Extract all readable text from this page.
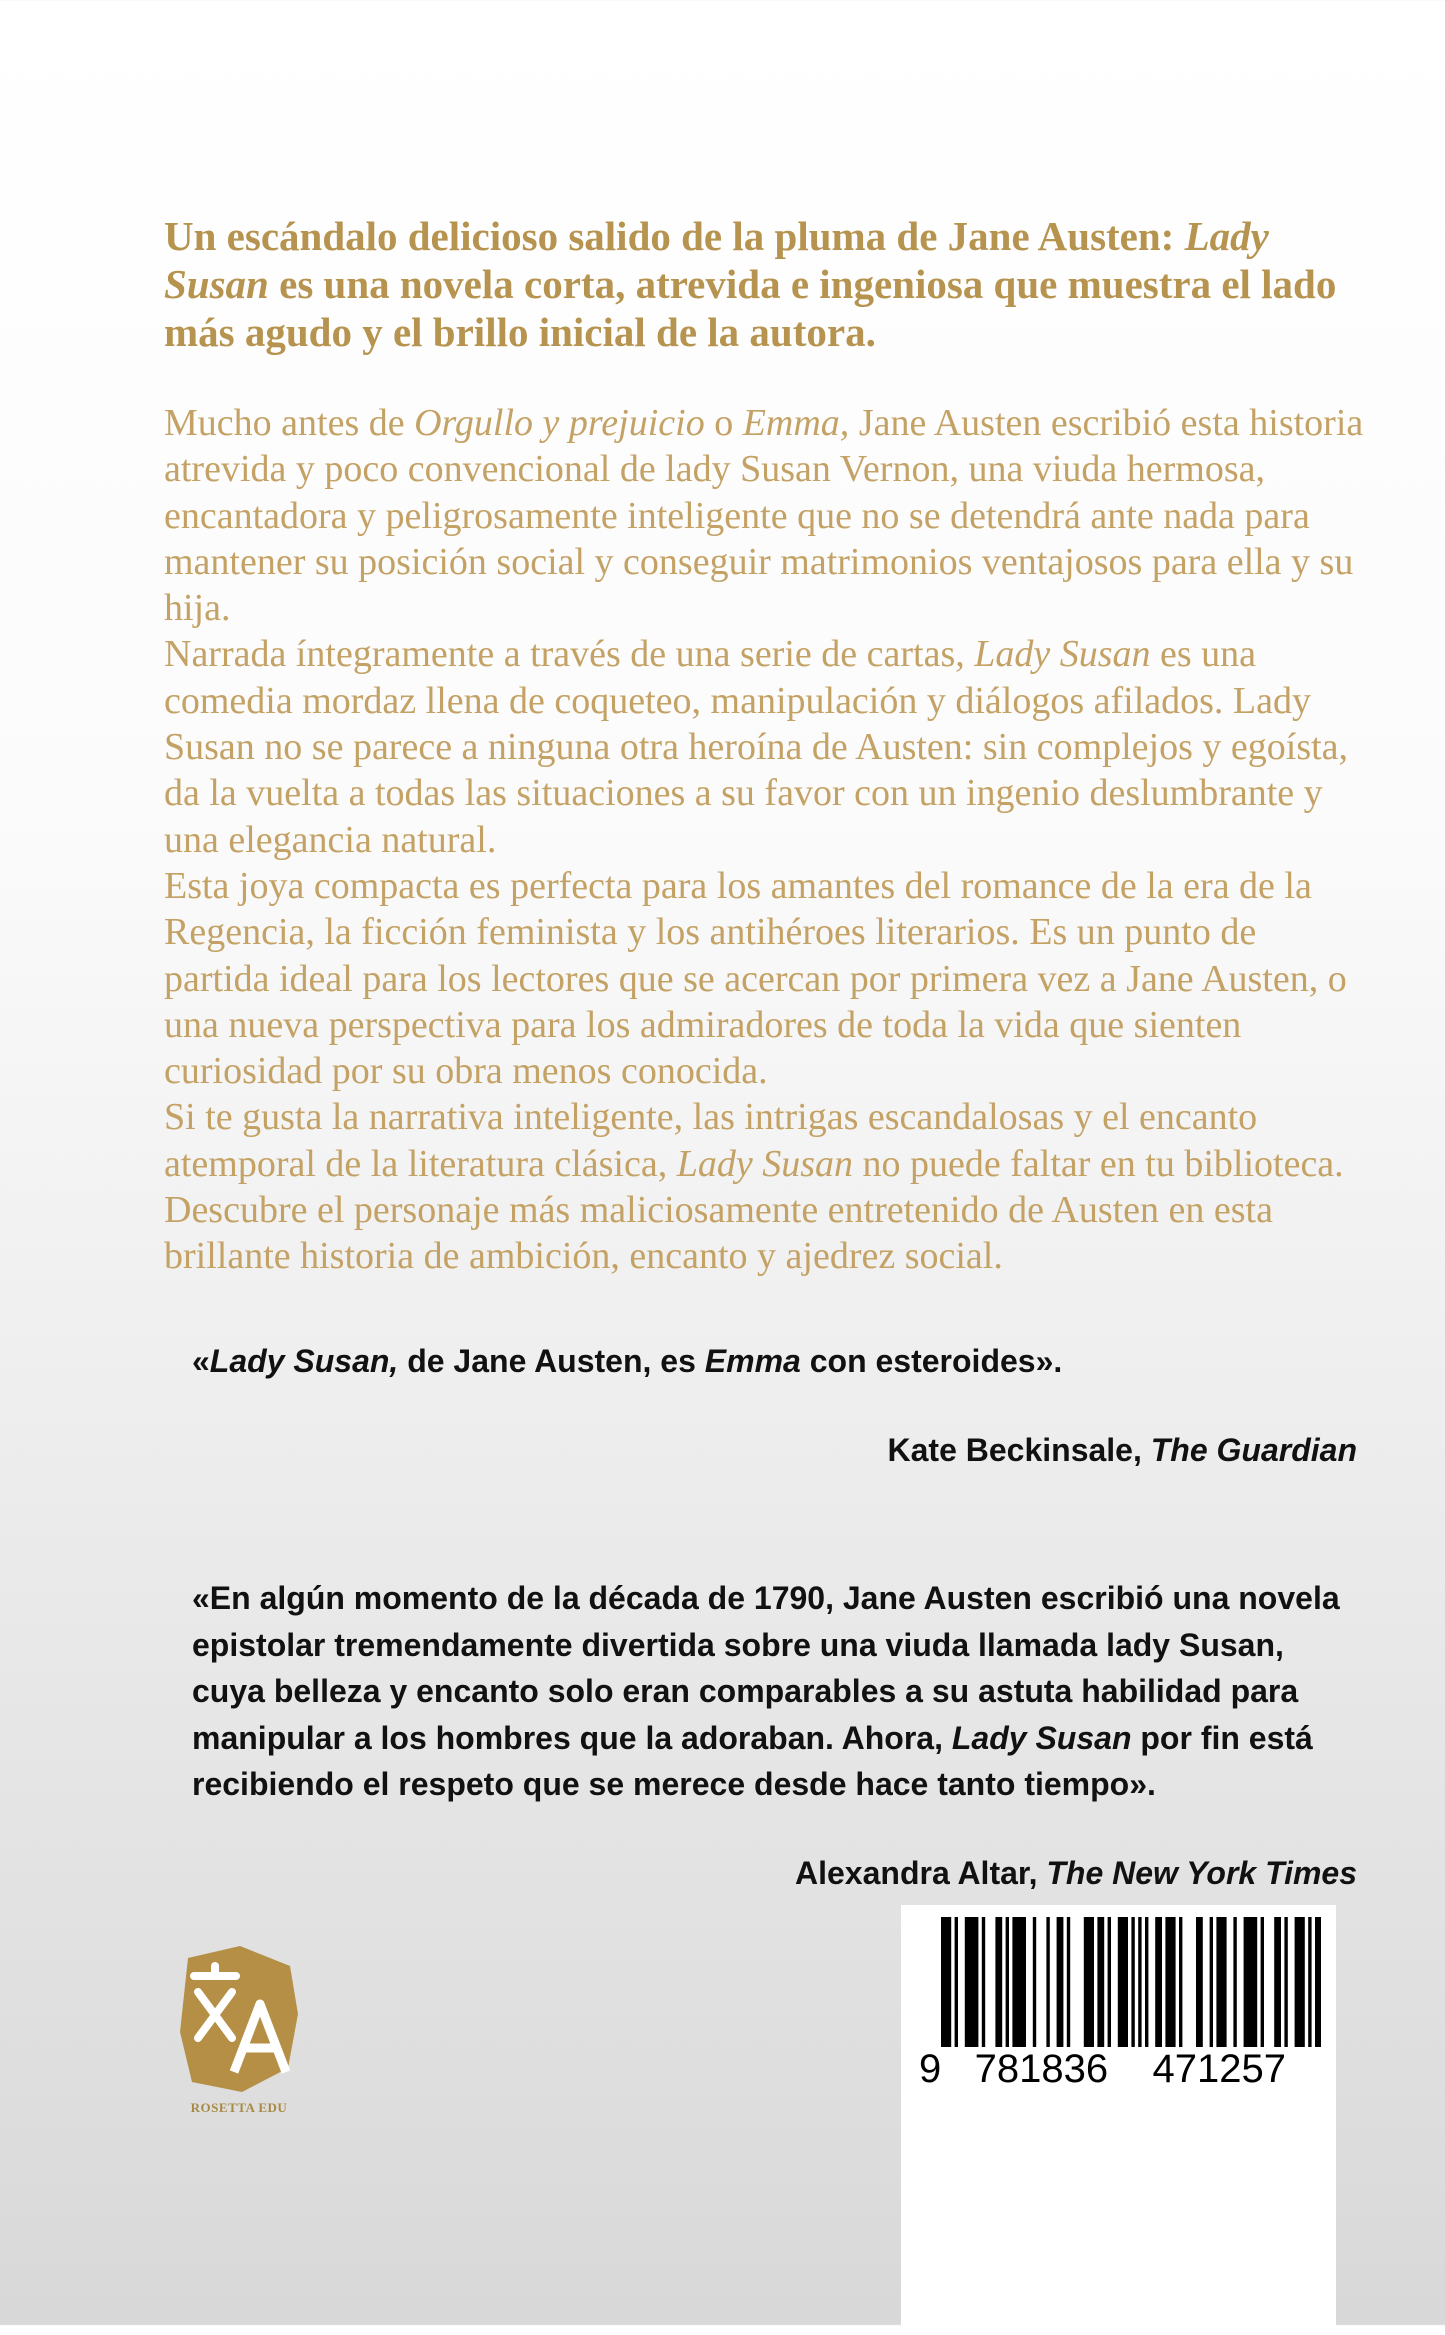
Un escándalo delicioso salido de la pluma de Jane Austen: Lady Susan es una novela corta, atrevida e ingeniosa que muestra el lado más agudo y el brillo inicial de la autora.

Mucho antes de Orgullo y prejuicio o Emma, Jane Austen escribió esta historia atrevida y poco convencional de lady Susan Vernon, una viuda hermosa, encantadora y peligrosamente inteligente que no se detendrá ante nada para mantener su posición social y conseguir matrimonios ventajosos para ella y su hija.

Narrada íntegramente a través de una serie de cartas, Lady Susan es una comedia mordaz llena de coqueteo, manipulación y diálogos afilados. Lady Susan no se parece a ninguna otra heroína de Austen: sin complejos y egoísta, da la vuelta a todas las situaciones a su favor con un ingenio deslumbrante y una elegancia natural.

Esta joya compacta es perfecta para los amantes del romance de la era de la Regencia, la ficción feminista y los antihéroes literarios. Es un punto de partida ideal para los lectores que se acercan por primera vez a Jane Austen, o una nueva perspectiva para los admiradores de toda la vida que sienten curiosidad por su obra menos conocida.

Si te gusta la narrativa inteligente, las intrigas escandalosas y el encanto atemporal de la literatura clásica, Lady Susan no puede faltar en tu biblioteca. Descubre el personaje más maliciosamente entretenido de Austen en esta brillante historia de ambición, encanto y ajedrez social.

«Lady Susan, de Jane Austen, es Emma con esteroides».
Kate Beckinsale, The Guardian
«En algún momento de la década de 1790, Jane Austen escribió una novela epistolar tremendamente divertida sobre una viuda llamada lady Susan, cuya belleza y encanto solo eran comparables a su astuta habilidad para manipular a los hombres que la adoraban. Ahora, Lady Susan por fin está recibiendo el respeto que se merece desde hace tanto tiempo».
Alexandra Altar, The New York Times
ROSETTA EDU
9 781836 471257
